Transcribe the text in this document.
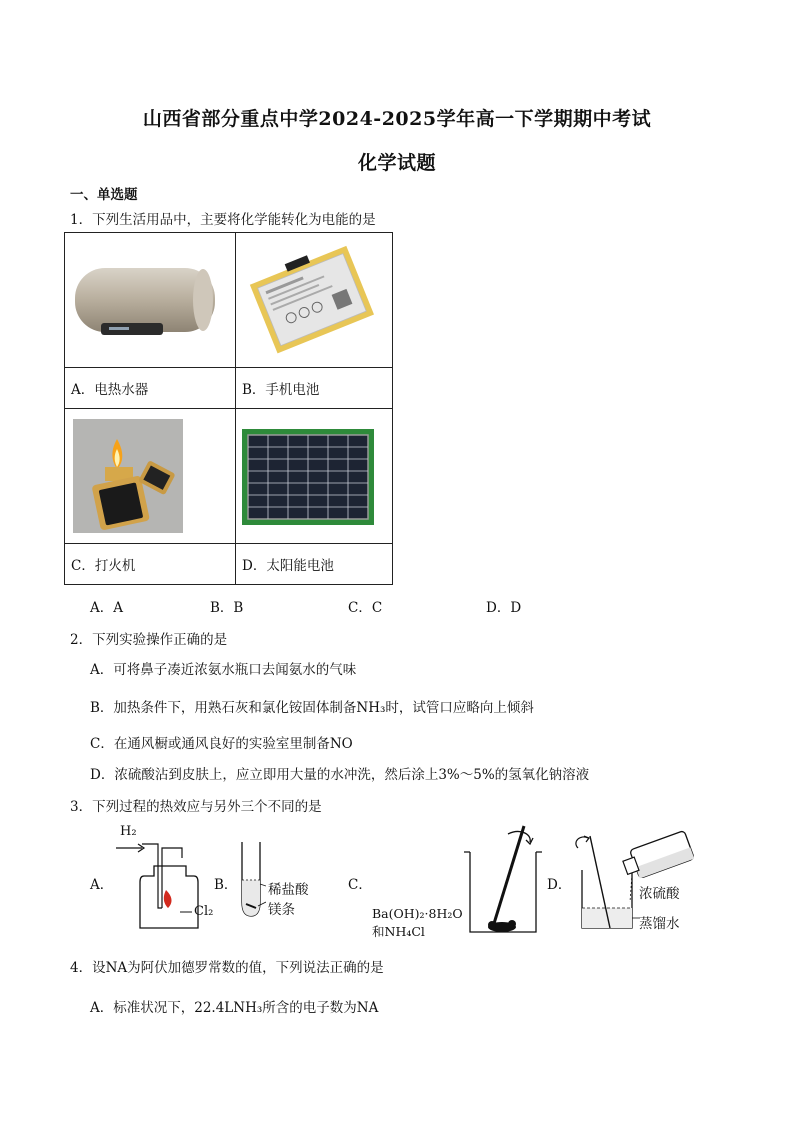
山西省部分重点中学2024-2025学年高一下学期期中考试
化学试题
一、单选题
1．下列生活用品中，主要将化学能转化为电能的是

A．电热水器	B．手机电池

C．打火机	D．太阳能电池
A．A	B．B	C．C	D．D
2．下列实验操作正确的是
A．可将鼻子凑近浓氨水瓶口去闻氨水的气味
B．加热条件下，用熟石灰和氯化铵固体制备NH₃时，试管口应略向上倾斜
C．在通风橱或通风良好的实验室里制备NO
D．浓硫酸沾到皮肤上，应立即用大量的水冲洗，然后涂上3%～5%的氢氧化钠溶液
3．下列过程的热效应与另外三个不同的是
A．	B．	C．	D．
H₂
Cl₂
稀盐酸
镁条	Ba(OH)₂·8H₂O
和NH₄Cl
浓硫酸
蒸馏水
4．设NA为阿伏加德罗常数的值，下列说法正确的是
A．标准状况下，22.4LNH₃所含的电子数为NA
